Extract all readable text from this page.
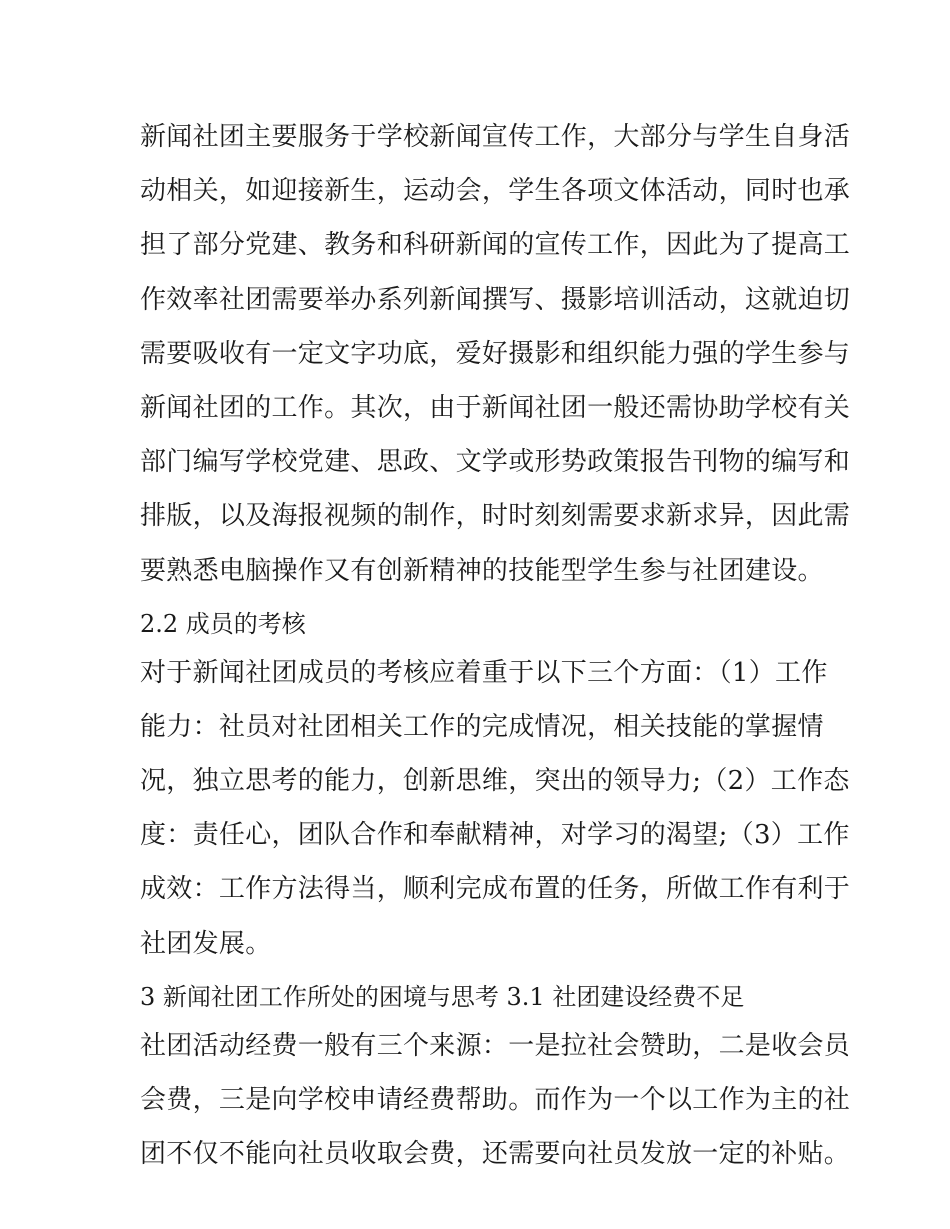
新闻社团主要服务于学校新闻宣传工作，大部分与学生自身活
动相关，如迎接新生，运动会，学生各项文体活动，同时也承
担了部分党建、教务和科研新闻的宣传工作，因此为了提高工
作效率社团需要举办系列新闻撰写、摄影培训活动，这就迫切
需要吸收有一定文字功底，爱好摄影和组织能力强的学生参与
新闻社团的工作。其次，由于新闻社团一般还需协助学校有关
部门编写学校党建、思政、文学或形势政策报告刊物的编写和
排版，以及海报视频的制作，时时刻刻需要求新求异，因此需
要熟悉电脑操作又有创新精神的技能型学生参与社团建设。
2.2 成员的考核
对于新闻社团成员的考核应着重于以下三个方面：（1）工作
能力：社员对社团相关工作的完成情况，相关技能的掌握情
况，独立思考的能力，创新思维，突出的领导力;（2）工作态
度：责任心，团队合作和奉献精神，对学习的渴望;（3）工作
成效：工作方法得当，顺利完成布置的任务，所做工作有利于
社团发展。
3 新闻社团工作所处的困境与思考 3.1 社团建设经费不足
社团活动经费一般有三个来源：一是拉社会赞助，二是收会员
会费，三是向学校申请经费帮助。而作为一个以工作为主的社
团不仅不能向社员收取会费，还需要向社员发放一定的补贴。
